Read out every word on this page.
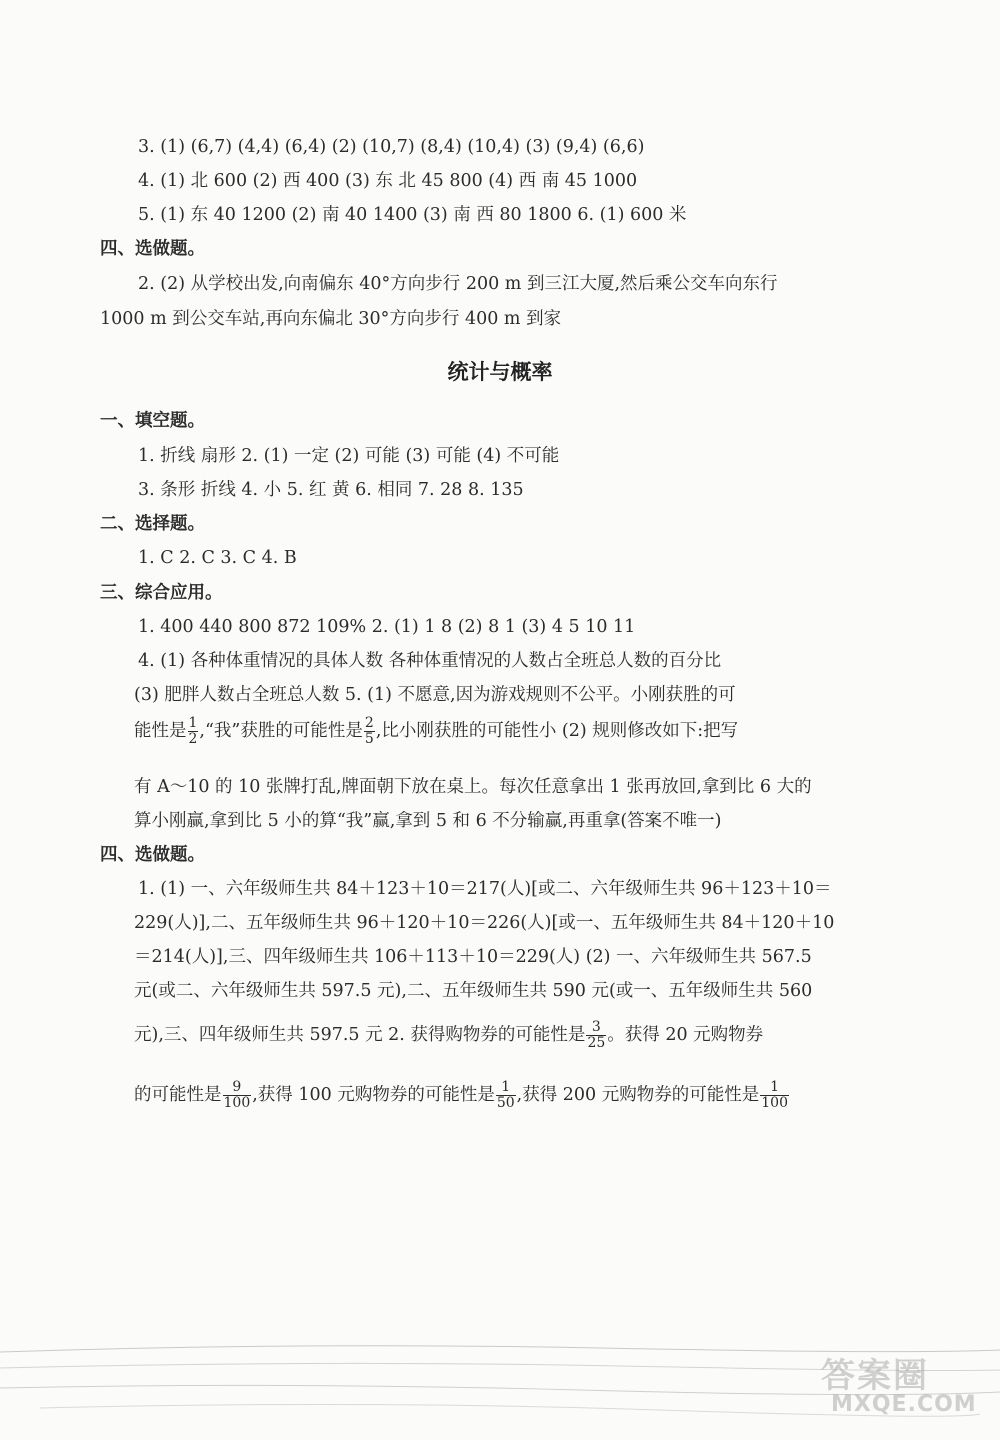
3. (1) (6,7) (4,4) (6,4) (2) (10,7) (8,4) (10,4) (3) (9,4) (6,6)
4. (1) 北 600 (2) 西 400 (3) 东 北 45 800 (4) 西 南 45 1000
5. (1) 东 40 1200 (2) 南 40 1400 (3) 南 西 80 1800 6. (1) 600 米
四、选做题。
2. (2) 从学校出发,向南偏东 40°方向步行 200 m 到三江大厦,然后乘公交车向东行
1000 m 到公交车站,再向东偏北 30°方向步行 400 m 到家
统计与概率
一、填空题。
1. 折线 扇形 2. (1) 一定 (2) 可能 (3) 可能 (4) 不可能
3. 条形 折线 4. 小 5. 红 黄 6. 相同 7. 28 8. 135
二、选择题。
1. C 2. C 3. C 4. B
三、综合应用。
1. 400 440 800 872 109% 2. (1) 1 8 (2) 8 1 (3) 4 5 10 11
4. (1) 各种体重情况的具体人数 各种体重情况的人数占全班总人数的百分比
(3) 肥胖人数占全班总人数 5. (1) 不愿意,因为游戏规则不公平。小刚获胜的可
能性是 $\frac{1}{2}$ ,“我”获胜的可能性是 $\frac{2}{5}$ ,比小刚获胜的可能性小 (2) 规则修改如下:把写
有 A～10 的 10 张牌打乱,牌面朝下放在桌上。每次任意拿出 1 张再放回,拿到比 6 大的
算小刚赢,拿到比 5 小的算“我”赢,拿到 5 和 6 不分输赢,再重拿(答案不唯一)
四、选做题。
1. (1) 一、六年级师生共 84＋123＋10＝217(人)[或二、六年级师生共 96＋123＋10＝
229(人)],二、五年级师生共 96＋120＋10＝226(人)[或一、五年级师生共 84＋120＋10
＝214(人)],三、四年级师生共 106＋113＋10＝229(人) (2) 一、六年级师生共 567.5
元(或二、六年级师生共 597.5 元),二、五年级师生共 590 元(或一、五年级师生共 560
元),三、四年级师生共 597.5 元 2. 获得购物券的可能性是 $\frac{3}{25}$ 。获得 20 元购物券
的可能性是 $\frac{9}{100}$ ,获得 100 元购物券的可能性是 $\frac{1}{50}$ ,获得 200 元购物券的可能性是 $\frac{1}{100}$
答案圈
MXQE.COM
